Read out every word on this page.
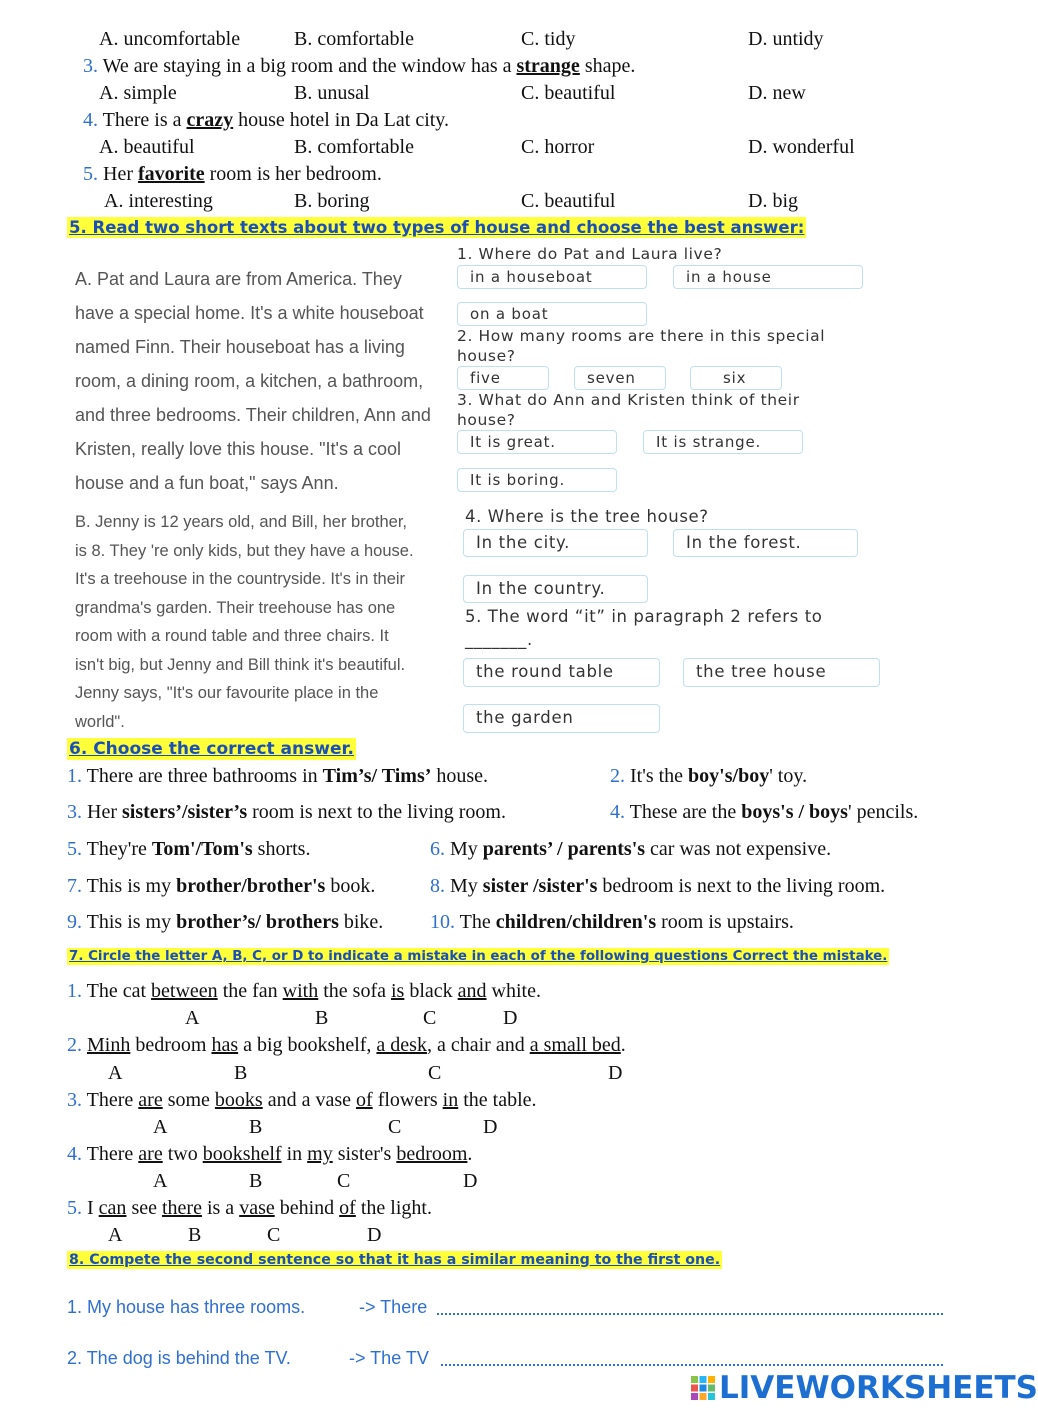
A. uncomfortable	B. comfortable	C. tidy	D. untidy
3. We are staying in a big room and the window has a strange shape.
A. simple	B. unusal	C. beautiful	D. new
4. There is a crazy house hotel in Da Lat city.
A. beautiful	B. comfortable	C. horror	D. wonderful
5. Her favorite room is her bedroom.
A. interesting	B. boring	C. beautiful	D. big
5. Read two short texts about two types of house and choose the best answer:
A. Pat and Laura are from America. They
have a special home. It's a white houseboat
named Finn. Their houseboat has a living
room, a dining room, a kitchen, a bathroom,
and three bedrooms. Their children, Ann and
Kristen, really love this house. "It's a cool
house and a fun boat," says Ann.
B. Jenny is 12 years old, and Bill, her brother,
is 8. They 're only kids, but they have a house.
It's a treehouse in the countryside. It's in their
grandma's garden. Their treehouse has one
room with a round table and three chairs. It
isn't big, but Jenny and Bill think it's beautiful.
Jenny says, "It's our favourite place in the
world".
1. Where do Pat and Laura live?
in a houseboat	in a house
on a boat
2. How many rooms are there in this special
house?
five	seven	six
3. What do Ann and Kristen think of their
house?
It is great.	It is strange.
It is boring.
4. Where is the tree house?
In the city.	In the forest.
In the country.
5. The word “it” in paragraph 2 refers to
_______.
the round table	the tree house
the garden
6. Choose the correct answer.
1. There are three bathrooms in Tim’s/ Tims’ house.	2. It's the boy's/boy' toy.
3. Her sisters’/sister’s room is next to the living room.	4. These are the boys's / boys' pencils.
5. They're Tom'/Tom's shorts.	6. My parents’ / parents's car was not expensive.
7. This is my brother/brother's book.	8. My sister /sister's bedroom is next to the living room.
9. This is my brother’s/ brothers bike. 10. The children/children's room is upstairs.
7. Circle the letter A, B, C, or D to indicate a mistake in each of the following questions Correct the mistake.
1. The cat between the fan with the sofa is black and white.
A	B	C	D
2. Minh bedroom has a big bookshelf, a desk, a chair and a small bed.
A	B	C	D
3. There are some books and a vase of flowers in the table.
A	B	C	D
4. There are two bookshelf in my sister's bedroom.
A	B	C	D
5. I can see there is a vase behind of the light.
A	B	C	D
8. Compete the second sentence so that it has a similar meaning to the first one.
1. My house has three rooms.	-> There
2. The dog is behind the TV.	-> The TV
LIVEWORKSHEETS
